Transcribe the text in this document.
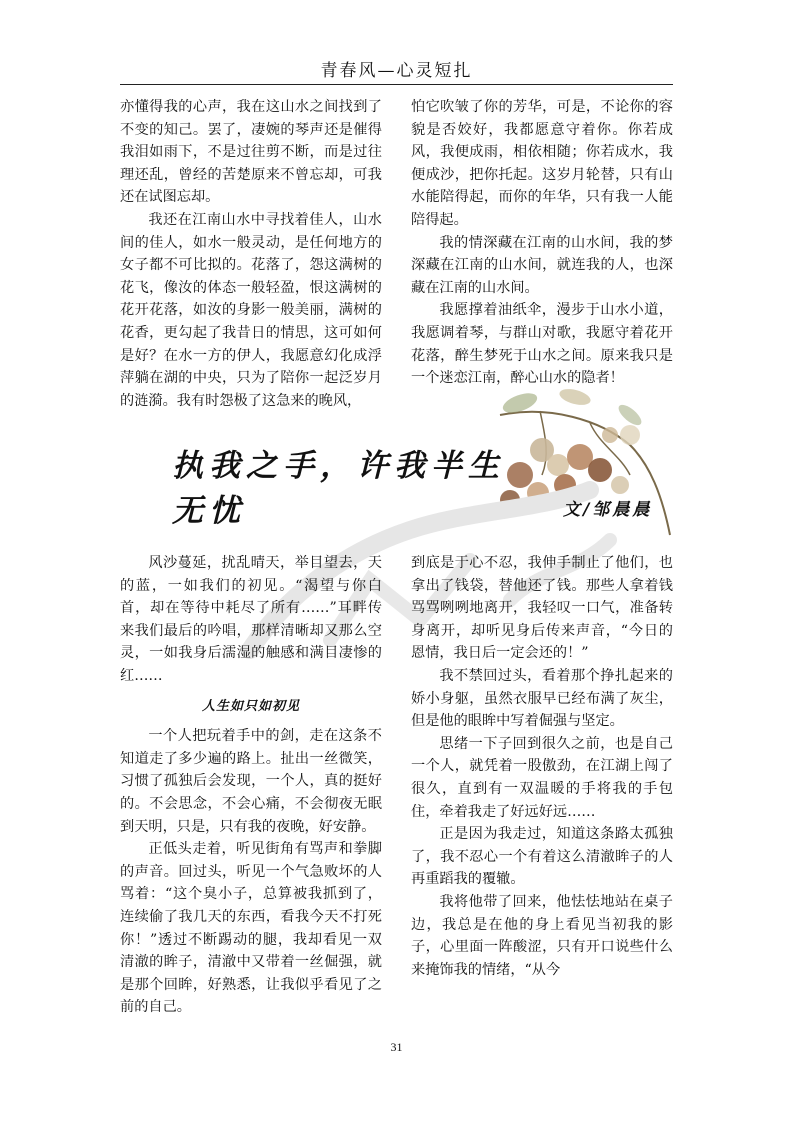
青春风—心灵短扎

亦懂得我的心声，我在这山水之间找到了不变的知己。罢了，凄婉的琴声还是催得我泪如雨下，不是过往剪不断，而是过往理还乱，曾经的苦楚原来不曾忘却，可我还在试图忘却。

我还在江南山水中寻找着佳人，山水间的佳人，如水一般灵动，是任何地方的女子都不可比拟的。花落了，怨这满树的花飞，像汝的体态一般轻盈，恨这满树的花开花落，如汝的身影一般美丽，满树的花香，更勾起了我昔日的情思，这可如何是好？在水一方的伊人，我愿意幻化成浮萍躺在湖的中央，只为了陪你一起泛岁月的涟漪。我有时怨极了这急来的晚风，

怕它吹皱了你的芳华，可是，不论你的容貌是否姣好，我都愿意守着你。你若成风，我便成雨，相依相随；你若成水，我便成沙，把你托起。这岁月轮替，只有山水能陪得起，而你的年华，只有我一人能陪得起。

我的情深藏在江南的山水间，我的梦深藏在江南的山水间，就连我的人，也深藏在江南的山水间。

我愿撑着油纸伞，漫步于山水小道，我愿调着琴，与群山对歌，我愿守着花开花落，醉生梦死于山水之间。原来我只是一个迷恋江南，醉心山水的隐者！

执我之手，许我半生无忧	文/邹晨晨

风沙蔓延，扰乱晴天，举目望去，天的蓝，一如我们的初见。“渴望与你白首，却在等待中耗尽了所有……”耳畔传来我们最后的吟唱，那样清晰却又那么空灵，一如我身后濡湿的触感和满目凄惨的红……

人生如只如初见

一个人把玩着手中的剑，走在这条不知道走了多少遍的路上。扯出一丝微笑，习惯了孤独后会发现，一个人，真的挺好的。不会思念，不会心痛，不会彻夜无眠到天明，只是，只有我的夜晚，好安静。

正低头走着，听见街角有骂声和拳脚的声音。回过头，听见一个气急败坏的人骂着：“这个臭小子，总算被我抓到了，连续偷了我几天的东西，看我今天不打死你！”透过不断踢动的腿，我却看见一双清澈的眸子，清澈中又带着一丝倔强，就是那个回眸，好熟悉，让我似乎看见了之前的自己。

到底是于心不忍，我伸手制止了他们，也拿出了钱袋，替他还了钱。那些人拿着钱骂骂咧咧地离开，我轻叹一口气，准备转身离开，却听见身后传来声音，“今日的恩情，我日后一定会还的！”

我不禁回过头，看着那个挣扎起来的娇小身躯，虽然衣服早已经布满了灰尘，但是他的眼眸中写着倔强与坚定。

思绪一下子回到很久之前，也是自己一个人，就凭着一股傲劲，在江湖上闯了很久，直到有一双温暖的手将我的手包住，牵着我走了好远好远……

正是因为我走过，知道这条路太孤独了，我不忍心一个有着这么清澈眸子的人再重蹈我的覆辙。

我将他带了回来，他怯怯地站在桌子边，我总是在他的身上看见当初我的影子，心里面一阵酸涩，只有开口说些什么来掩饰我的情绪，“从今

31
